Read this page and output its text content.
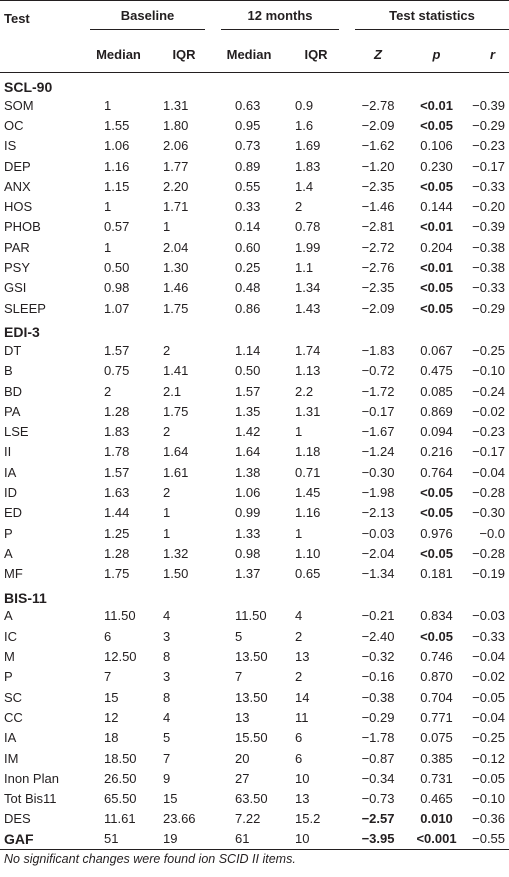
Test	Baseline		12 months		Test statistics		

	Median	IQR	Median	IQR	Z	p	r
SCL-90							
SOM	1	1.31	0.63	0.9	−2.78	<0.01	−0.39
OC	1.55	1.80	0.95	1.6	−2.09	<0.05	−0.29
IS	1.06	2.06	0.73	1.69	−1.62	0.106	−0.23
DEP	1.16	1.77	0.89	1.83	−1.20	0.230	−0.17
ANX	1.15	2.20	0.55	1.4	−2.35	<0.05	−0.33
HOS	1	1.71	0.33	2	−1.46	0.144	−0.20
PHOB	0.57	1	0.14	0.78	−2.81	<0.01	−0.39
PAR	1	2.04	0.60	1.99	−2.72	0.204	−0.38
PSY	0.50	1.30	0.25	1.1	−2.76	<0.01	−0.38
GSI	0.98	1.46	0.48	1.34	−2.35	<0.05	−0.33
SLEEP	1.07	1.75	0.86	1.43	−2.09	<0.05	−0.29
EDI-3							
DT	1.57	2	1.14	1.74	−1.83	0.067	−0.25
B	0.75	1.41	0.50	1.13	−0.72	0.475	−0.10
BD	2	2.1	1.57	2.2	−1.72	0.085	−0.24
PA	1.28	1.75	1.35	1.31	−0.17	0.869	−0.02
LSE	1.83	2	1.42	1	−1.67	0.094	−0.23
II	1.78	1.64	1.64	1.18	−1.24	0.216	−0.17
IA	1.57	1.61	1.38	0.71	−0.30	0.764	−0.04
ID	1.63	2	1.06	1.45	−1.98	<0.05	−0.28
ED	1.44	1	0.99	1.16	−2.13	<0.05	−0.30
P	1.25	1	1.33	1	−0.03	0.976	−0.0
A	1.28	1.32	0.98	1.10	−2.04	<0.05	−0.28
MF	1.75	1.50	1.37	0.65	−1.34	0.181	−0.19
BIS-11							
A	11.50	4	11.50	4	−0.21	0.834	−0.03
IC	6	3	5	2	−2.40	<0.05	−0.33
M	12.50	8	13.50	13	−0.32	0.746	−0.04
P	7	3	7	2	−0.16	0.870	−0.02
SC	15	8	13.50	14	−0.38	0.704	−0.05
CC	12	4	13	11	−0.29	0.771	−0.04
IA	18	5	15.50	6	−1.78	0.075	−0.25
IM	18.50	7	20	6	−0.87	0.385	−0.12
Inon Plan	26.50	9	27	10	−0.34	0.731	−0.05
Tot Bis11	65.50	15	63.50	13	−0.73	0.465	−0.10
DES	11.61	23.66	7.22	15.2	−2.57	0.010	−0.36
GAF	51	19	61	10	−3.95	<0.001	−0.55
No significant changes were found ion SCID II items.
